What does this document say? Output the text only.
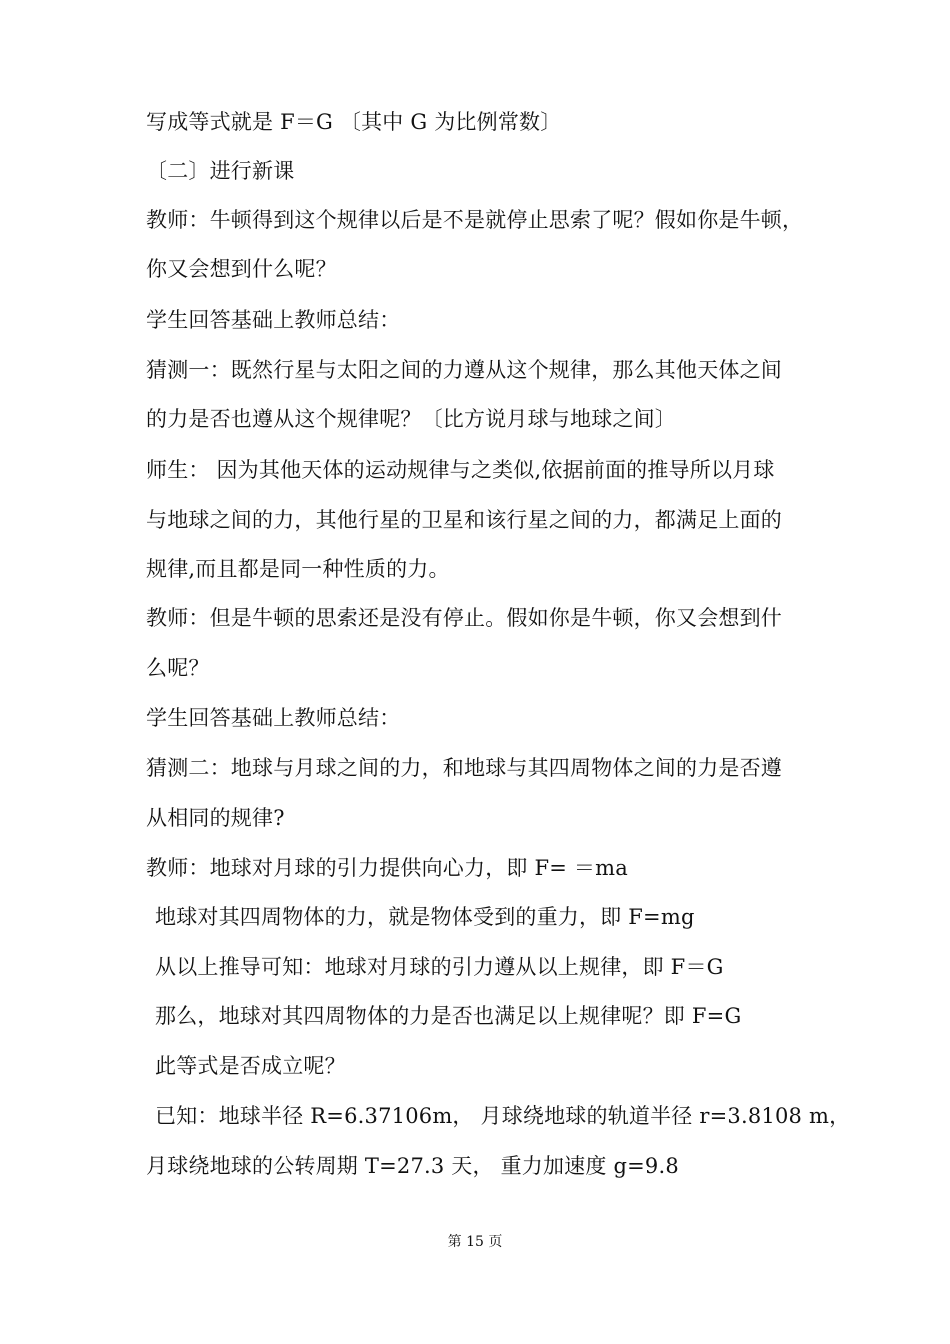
写成等式就是 F＝G 〔其中 G 为比例常数〕
〔二〕进行新课
教师：牛顿得到这个规律以后是不是就停止思索了呢？假如你是牛顿，
你又会想到什么呢？
学生回答基础上教师总结：
猜测一：既然行星与太阳之间的力遵从这个规律，那么其他天体之间
的力是否也遵从这个规律呢？〔比方说月球与地球之间〕
师生： 因为其他天体的运动规律与之类似,依据前面的推导所以月球
与地球之间的力，其他行星的卫星和该行星之间的力，都满足上面的
规律,而且都是同一种性质的力。
教师：但是牛顿的思索还是没有停止。假如你是牛顿，你又会想到什
么呢？
学生回答基础上教师总结：
猜测二：地球与月球之间的力，和地球与其四周物体之间的力是否遵
从相同的规律?
教师：地球对月球的引力提供向心力，即 F= ＝ma
地球对其四周物体的力，就是物体受到的重力，即 F=mg
从以上推导可知：地球对月球的引力遵从以上规律，即 F＝G
那么，地球对其四周物体的力是否也满足以上规律呢？即 F=G
此等式是否成立呢？
已知：地球半径 R=6.37106m， 月球绕地球的轨道半径 r=3.8108 m，
月球绕地球的公转周期 T=27.3 天， 重力加速度 g=9.8
第 15 页
